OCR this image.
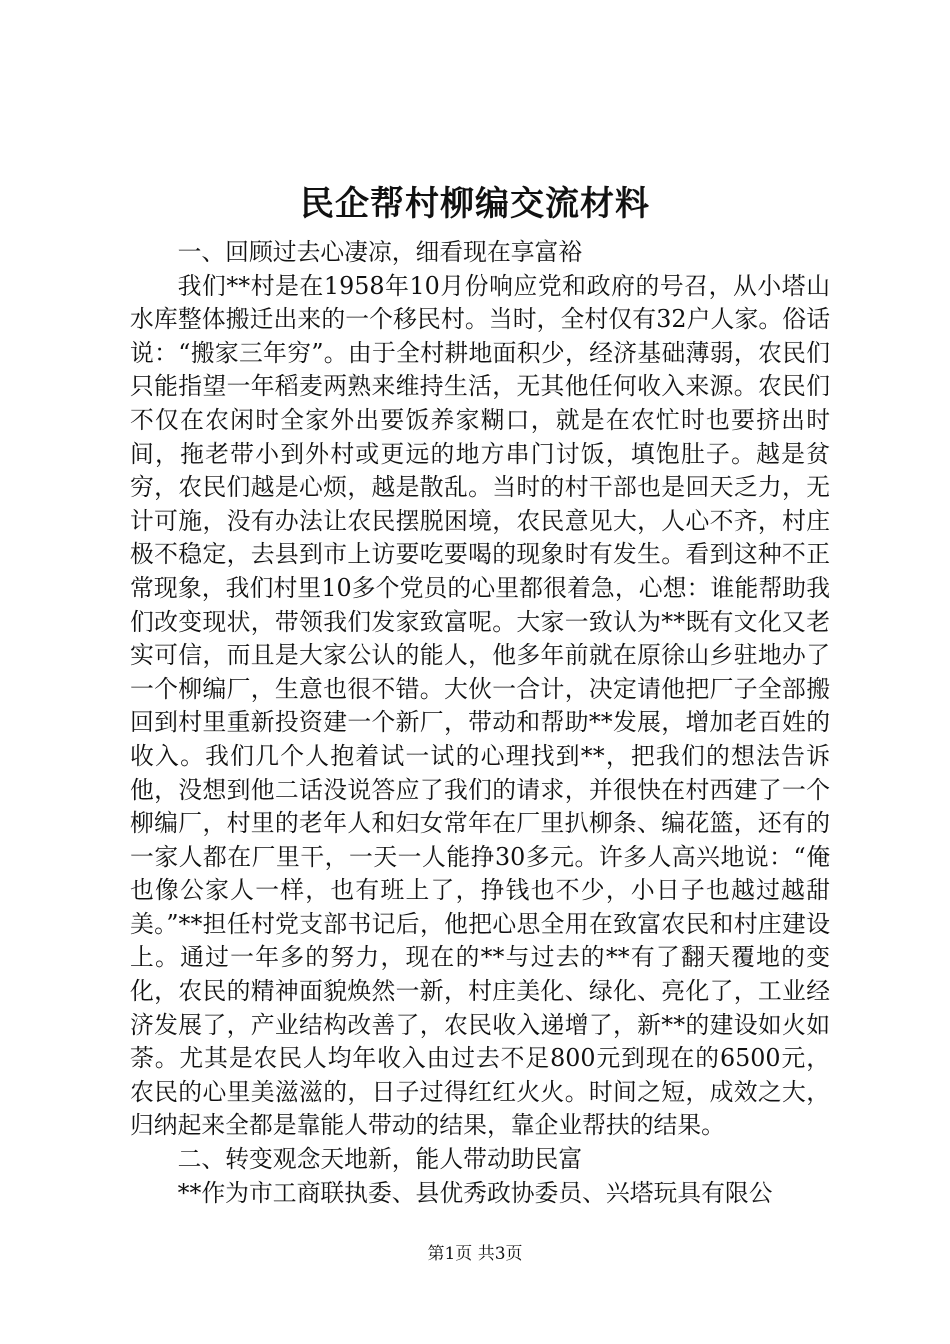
民企帮村柳编交流材料

一、回顾过去心凄凉，细看现在享富裕

我们**村是在1958年10月份响应党和政府的号召，从小塔山水库整体搬迁出来的一个移民村。当时，全村仅有32户人家。俗话说：“搬家三年穷”。由于全村耕地面积少，经济基础薄弱，农民们只能指望一年稻麦两熟来维持生活，无其他任何收入来源。农民们不仅在农闲时全家外出要饭养家糊口，就是在农忙时也要挤出时间，拖老带小到外村或更远的地方串门讨饭，填饱肚子。越是贫穷，农民们越是心烦，越是散乱。当时的村干部也是回天乏力，无计可施，没有办法让农民摆脱困境，农民意见大，人心不齐，村庄极不稳定，去县到市上访要吃要喝的现象时有发生。看到这种不正常现象，我们村里10多个党员的心里都很着急，心想：谁能帮助我们改变现状，带领我们发家致富呢。大家一致认为**既有文化又老实可信，而且是大家公认的能人，他多年前就在原徐山乡驻地办了一个柳编厂，生意也很不错。大伙一合计，决定请他把厂子全部搬回到村里重新投资建一个新厂，带动和帮助**发展，增加老百姓的收入。我们几个人抱着试一试的心理找到**，把我们的想法告诉他，没想到他二话没说答应了我们的请求，并很快在村西建了一个柳编厂，村里的老年人和妇女常年在厂里扒柳条、编花篮，还有的一家人都在厂里干，一天一人能挣30多元。许多人高兴地说：“俺也像公家人一样，也有班上了，挣钱也不少，小日子也越过越甜美。”**担任村党支部书记后，他把心思全用在致富农民和村庄建设上。通过一年多的努力，现在的**与过去的**有了翻天覆地的变化，农民的精神面貌焕然一新，村庄美化、绿化、亮化了，工业经济发展了，产业结构改善了，农民收入递增了，新**的建设如火如荼。尤其是农民人均年收入由过去不足800元到现在的6500元，农民的心里美滋滋的，日子过得红红火火。时间之短，成效之大，归纳起来全都是靠能人带动的结果，靠企业帮扶的结果。

二、转变观念天地新，能人带动助民富

**作为市工商联执委、县优秀政协委员、兴塔玩具有限公

第1页 共3页
